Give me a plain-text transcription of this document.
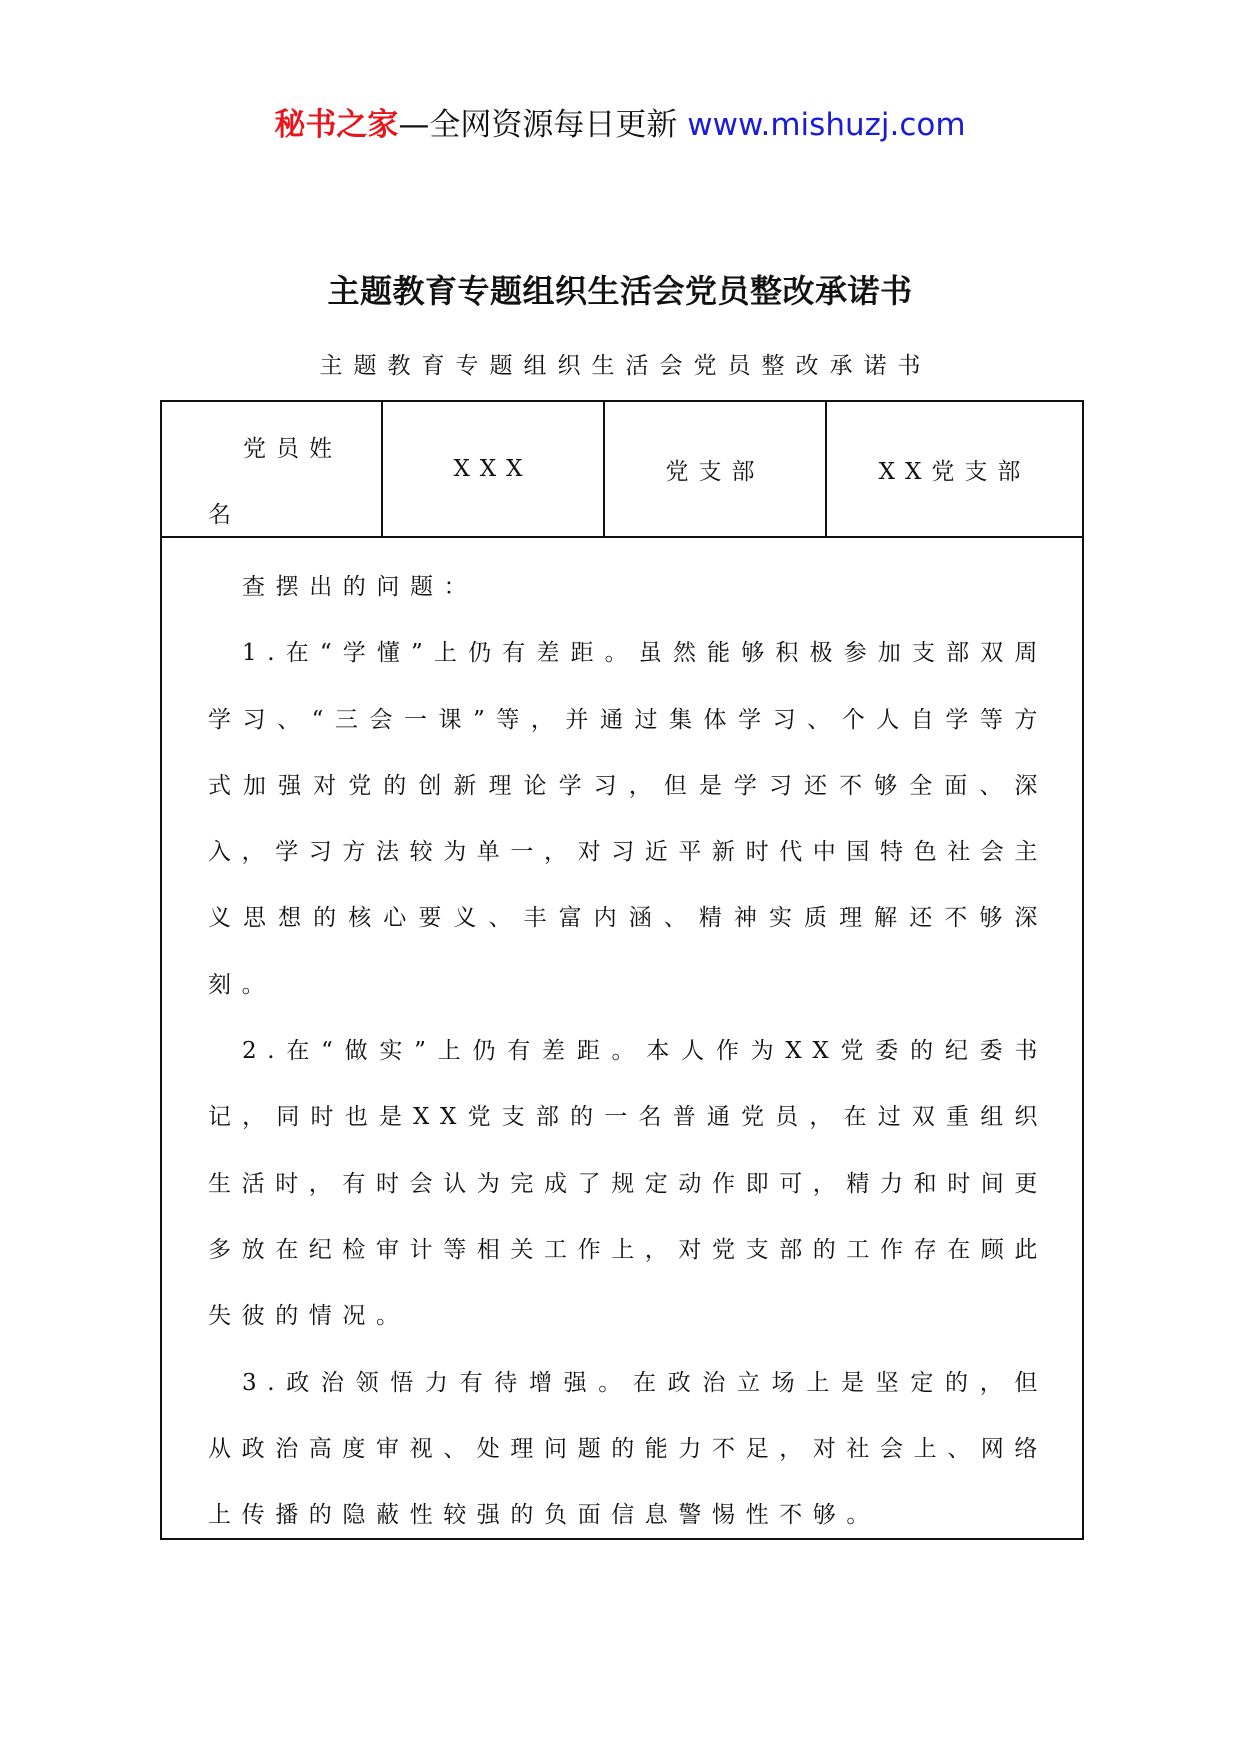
秘书之家—全网资源每日更新 www.mishuzj.com
主题教育专题组织生活会党员整改承诺书
主题教育专题组织生活会党员整改承诺书
党员姓名
XXX	党支部	XX党支部

查摆出的问题：

1.在“学懂”上仍有差距。虽然能够积极参加支部双周学习、“三会一课”等，并通过集体学习、个人自学等方式加强对党的创新理论学习，但是学习还不够全面、深入，学习方法较为单一，对习近平新时代中国特色社会主义思想的核心要义、丰富内涵、精神实质理解还不够深刻。

2.在“做实”上仍有差距。本人作为XX党委的纪委书记，同时也是XX党支部的一名普通党员，在过双重组织生活时，有时会认为完成了规定动作即可，精力和时间更多放在纪检审计等相关工作上，对党支部的工作存在顾此失彼的情况。

3.政治领悟力有待增强。在政治立场上是坚定的，但从政治高度审视、处理问题的能力不足，对社会上、网络上传播的隐蔽性较强的负面信息警惕性不够。
